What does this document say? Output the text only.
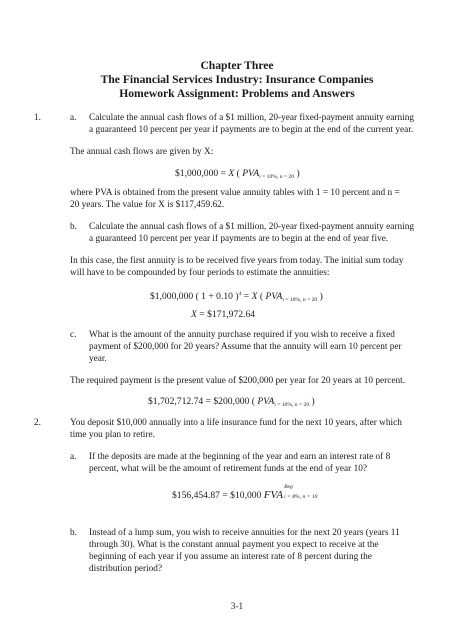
Chapter Three
The Financial Services Industry: Insurance Companies
Homework Assignment: Problems and Answers
1.	a. Calculate the annual cash flows of a $1 million, 20-year fixed-payment annuity earning
a guaranteed 10 percent per year if payments are to begin at the end of the current year.
The annual cash flows are given by X:
$1,000,000 = X ( $PVA_{i = 10\%, n = 20}$ )
where PVA is obtained from the present value annuity tables with 1 = 10 percent and n =
20 years. The value for X is $117,459.62.
b. Calculate the annual cash flows of a $1 million, 20-year fixed-payment annuity earning
a guaranteed 10 percent per year if payments are to begin at the end of year five.
In this case, the first annuity is to be received five years from today. The initial sum today
will have to be compounded by four periods to estimate the annuities:
$1,000,000 ( 1 + 0.10 )$^4$ = X ( $PVA_{i = 10\%, n = 20}$ )
X = $171,972.64
c. What is the amount of the annuity purchase required if you wish to receive a fixed
payment of $200,000 for 20 years? Assume that the annuity will earn 10 percent per
year.
The required payment is the present value of $200,000 per year for 20 years at 10 percent.
$1,702,712.74 = $200,000 ( $PVA_{i = 10\%, n = 20}$ )
2.	You deposit $10,000 annually into a life insurance fund for the next 10 years, after which
time you plan to retire.
a. If the deposits are made at the beginning of the year and earn an interest rate of 8
percent, what will be the amount of retirement funds at the end of year 10?
$156,454.87 = $10,000 FVA
Beg
i = 8%, n = 10
b. Instead of a lump sum, you wish to receive annuities for the next 20 years (years 11
through 30). What is the constant annual payment you expect to receive at the
beginning of each year if you assume an interest rate of 8 percent during the
distribution period?
3-1
